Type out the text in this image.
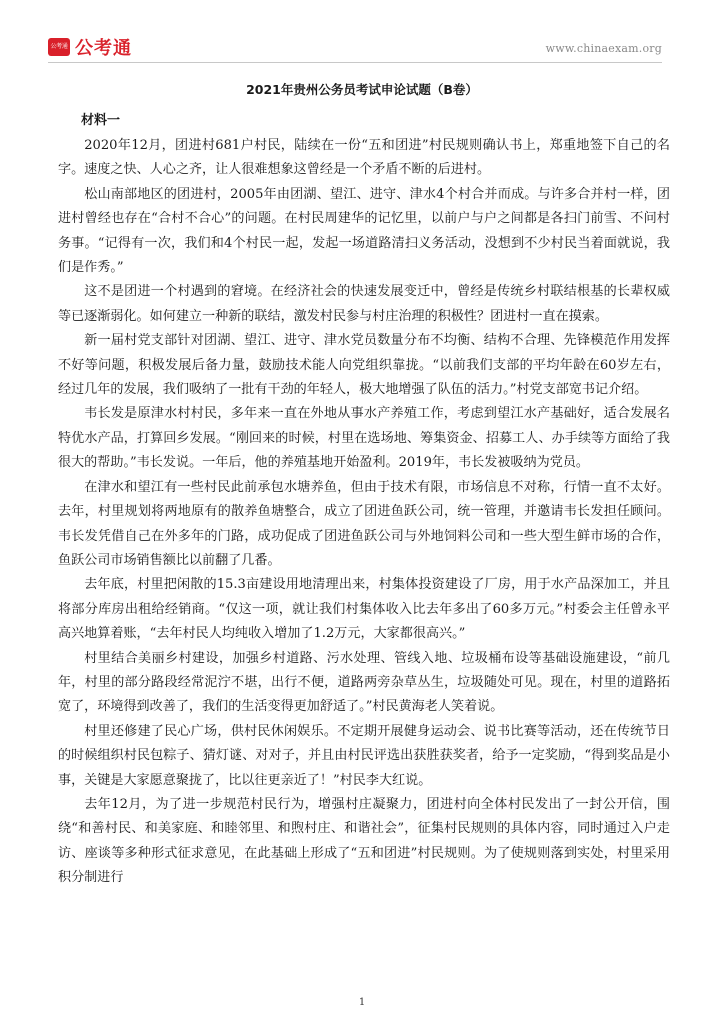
公考通 公考通	www.chinaexam.org
2021年贵州公务员考试申论试题（B卷）
材料一

2020年12月，团进村681户村民，陆续在一份“五和团进”村民规则确认书上，郑重地签下自己的名字。速度之快、人心之齐，让人很难想象这曾经是一个矛盾不断的后进村。

松山南部地区的团进村，2005年由团湖、望江、进守、津水4个村合并而成。与许多合并村一样，团进村曾经也存在“合村不合心”的问题。在村民周建华的记忆里，以前户与户之间都是各扫门前雪、不问村务事。“记得有一次，我们和4个村民一起，发起一场道路清扫义务活动，没想到不少村民当着面就说，我们是作秀。”

这不是团进一个村遇到的窘境。在经济社会的快速发展变迁中，曾经是传统乡村联结根基的长辈权威等已逐渐弱化。如何建立一种新的联结，激发村民参与村庄治理的积极性？团进村一直在摸索。

新一届村党支部针对团湖、望江、进守、津水党员数量分布不均衡、结构不合理、先锋模范作用发挥不好等问题，积极发展后备力量，鼓励技术能人向党组织靠拢。“以前我们支部的平均年龄在60岁左右，经过几年的发展，我们吸纳了一批有干劲的年轻人，极大地增强了队伍的活力。”村党支部宽书记介绍。

韦长发是原津水村村民，多年来一直在外地从事水产养殖工作，考虑到望江水产基础好，适合发展名特优水产品，打算回乡发展。“刚回来的时候，村里在选场地、筹集资金、招募工人、办手续等方面给了我很大的帮助。”韦长发说。一年后，他的养殖基地开始盈利。2019年，韦长发被吸纳为党员。

在津水和望江有一些村民此前承包水塘养鱼，但由于技术有限，市场信息不对称，行情一直不太好。去年，村里规划将两地原有的散养鱼塘整合，成立了团进鱼跃公司，统一管理，并邀请韦长发担任顾问。韦长发凭借自己在外多年的门路，成功促成了团进鱼跃公司与外地饲料公司和一些大型生鲜市场的合作，鱼跃公司市场销售额比以前翻了几番。

去年底，村里把闲散的15.3亩建设用地清理出来，村集体投资建设了厂房，用于水产品深加工，并且将部分库房出租给经销商。“仅这一项，就让我们村集体收入比去年多出了60多万元。”村委会主任曾永平高兴地算着账，“去年村民人均纯收入增加了1.2万元，大家都很高兴。”

村里结合美丽乡村建设，加强乡村道路、污水处理、管线入地、垃圾桶布设等基础设施建设，“前几年，村里的部分路段经常泥泞不堪，出行不便，道路两旁杂草丛生，垃圾随处可见。现在，村里的道路拓宽了，环境得到改善了，我们的生活变得更加舒适了。”村民黄海老人笑着说。

村里还修建了民心广场，供村民休闲娱乐。不定期开展健身运动会、说书比赛等活动，还在传统节日的时候组织村民包粽子、猜灯谜、对对子，并且由村民评选出获胜获奖者，给予一定奖励，“得到奖品是小事，关键是大家愿意聚拢了，比以往更亲近了！”村民李大红说。

去年12月，为了进一步规范村民行为，增强村庄凝聚力，团进村向全体村民发出了一封公开信，围绕“和善村民、和美家庭、和睦邻里、和煦村庄、和谐社会”，征集村民规则的具体内容，同时通过入户走访、座谈等多种形式征求意见，在此基础上形成了“五和团进”村民规则。为了使规则落到实处，村里采用积分制进行

1
